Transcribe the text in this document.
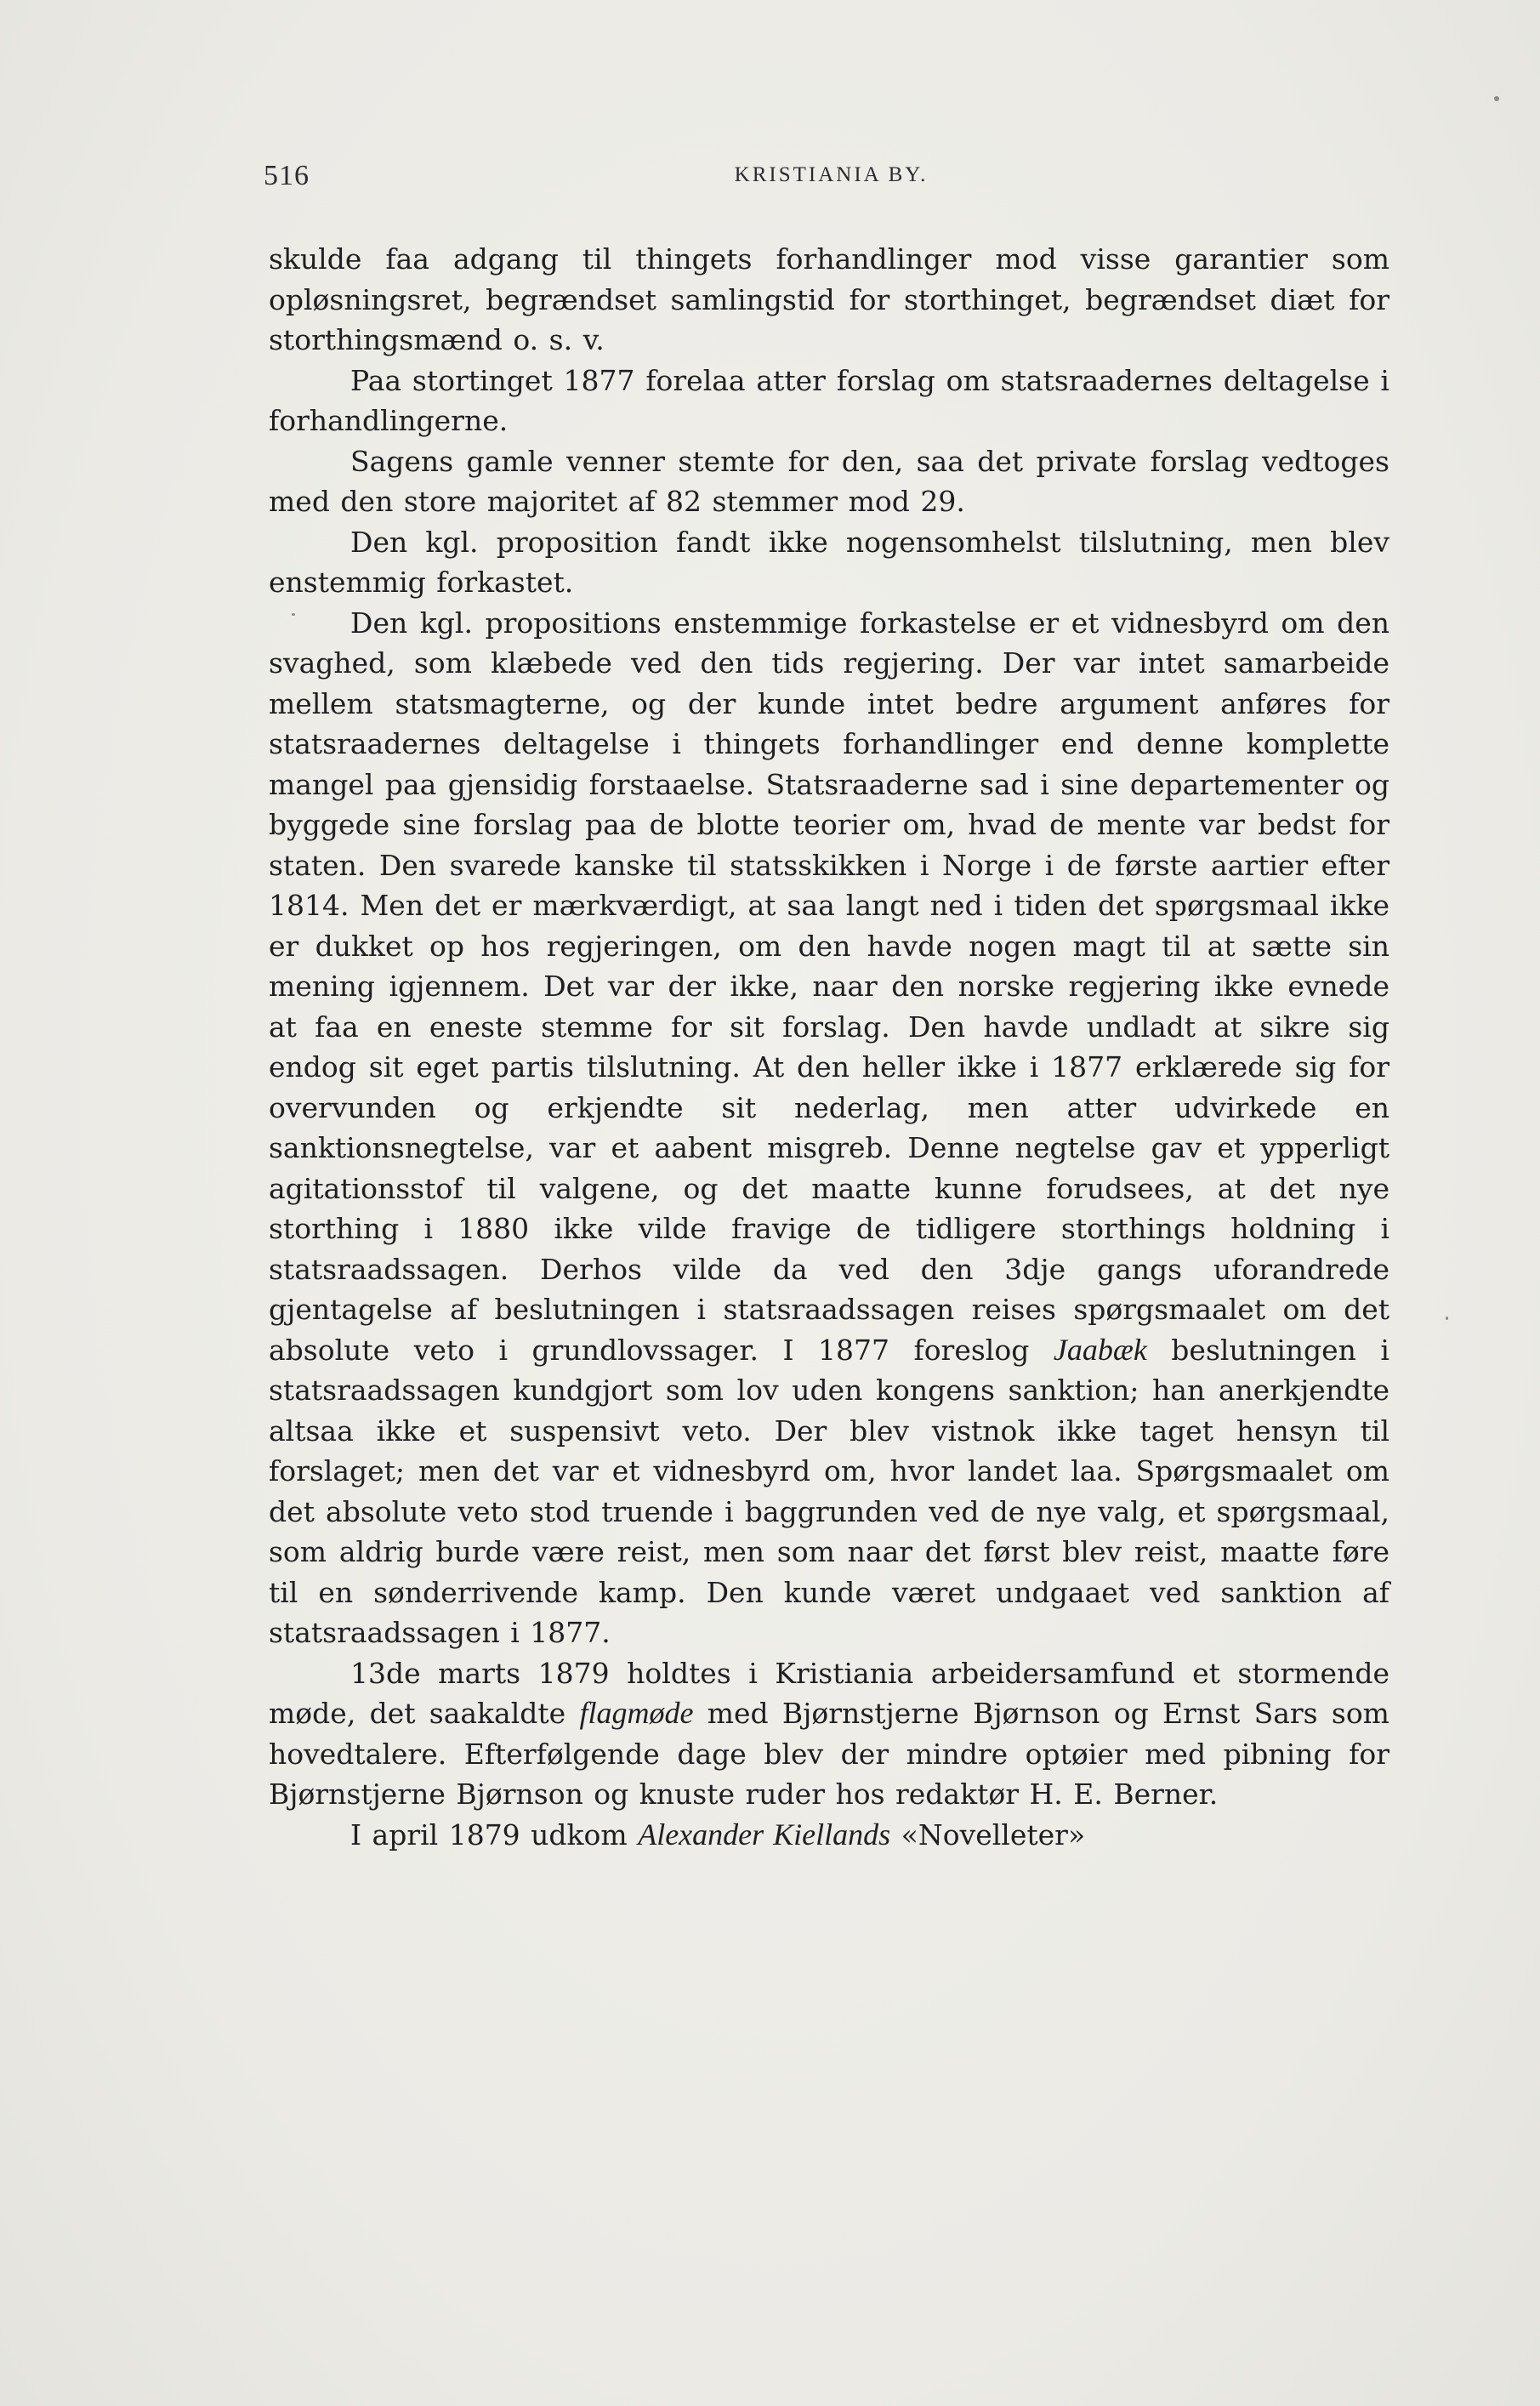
516	KRISTIANIA BY.

skulde faa adgang til thingets forhandlinger mod visse garantier som opløsningsret, begrændset samlingstid for storthinget, begrændset diæt for storthingsmænd o. s. v.

Paa stortinget 1877 forelaa atter forslag om statsraadernes deltagelse i forhandlingerne.

Sagens gamle venner stemte for den, saa det private forslag vedtoges med den store majoritet af 82 stemmer mod 29.

Den kgl. proposition fandt ikke nogensomhelst tilslutning, men blev enstemmig forkastet.

Den kgl. propositions enstemmige forkastelse er et vidnesbyrd om den svaghed, som klæbede ved den tids regjering. Der var intet samarbeide mellem statsmagterne, og der kunde intet bedre argument anføres for statsraadernes deltagelse i thingets forhandlinger end denne komplette mangel paa gjensidig forstaaelse. Statsraaderne sad i sine departementer og byggede sine forslag paa de blotte teorier om, hvad de mente var bedst for staten. Den svarede kanske til statsskikken i Norge i de første aartier efter 1814. Men det er mærkværdigt, at saa langt ned i tiden det spørgsmaal ikke er dukket op hos regjeringen, om den havde nogen magt til at sætte sin mening igjennem. Det var der ikke, naar den norske regjering ikke evnede at faa en eneste stemme for sit forslag. Den havde undladt at sikre sig endog sit eget partis tilslutning. At den heller ikke i 1877 erklærede sig for overvunden og erkjendte sit nederlag, men atter udvirkede en sanktionsnegtelse, var et aabent misgreb. Denne negtelse gav et ypperligt agitationsstof til valgene, og det maatte kunne forudsees, at det nye storthing i 1880 ikke vilde fravige de tidligere storthings holdning i statsraadssagen. Derhos vilde da ved den 3dje gangs uforandrede gjentagelse af beslutningen i statsraadssagen reises spørgsmaalet om det absolute veto i grundlovssager. I 1877 foreslog Jaabæk beslutningen i statsraadssagen kundgjort som lov uden kongens sanktion; han anerkjendte altsaa ikke et suspensivt veto. Der blev vistnok ikke taget hensyn til forslaget; men det var et vidnesbyrd om, hvor landet laa. Spørgsmaalet om det absolute veto stod truende i baggrunden ved de nye valg, et spørgsmaal, som aldrig burde være reist, men som naar det først blev reist, maatte føre til en sønderrivende kamp. Den kunde været undgaaet ved sanktion af statsraadssagen i 1877.

13de marts 1879 holdtes i Kristiania arbeidersamfund et stormende møde, det saakaldte flagmøde med Bjørnstjerne Bjørnson og Ernst Sars som hovedtalere. Efterfølgende dage blev der mindre optøier med pibning for Bjørnstjerne Bjørnson og knuste ruder hos redaktør H. E. Berner.

I april 1879 udkom Alexander Kiellands «Novelleter»
